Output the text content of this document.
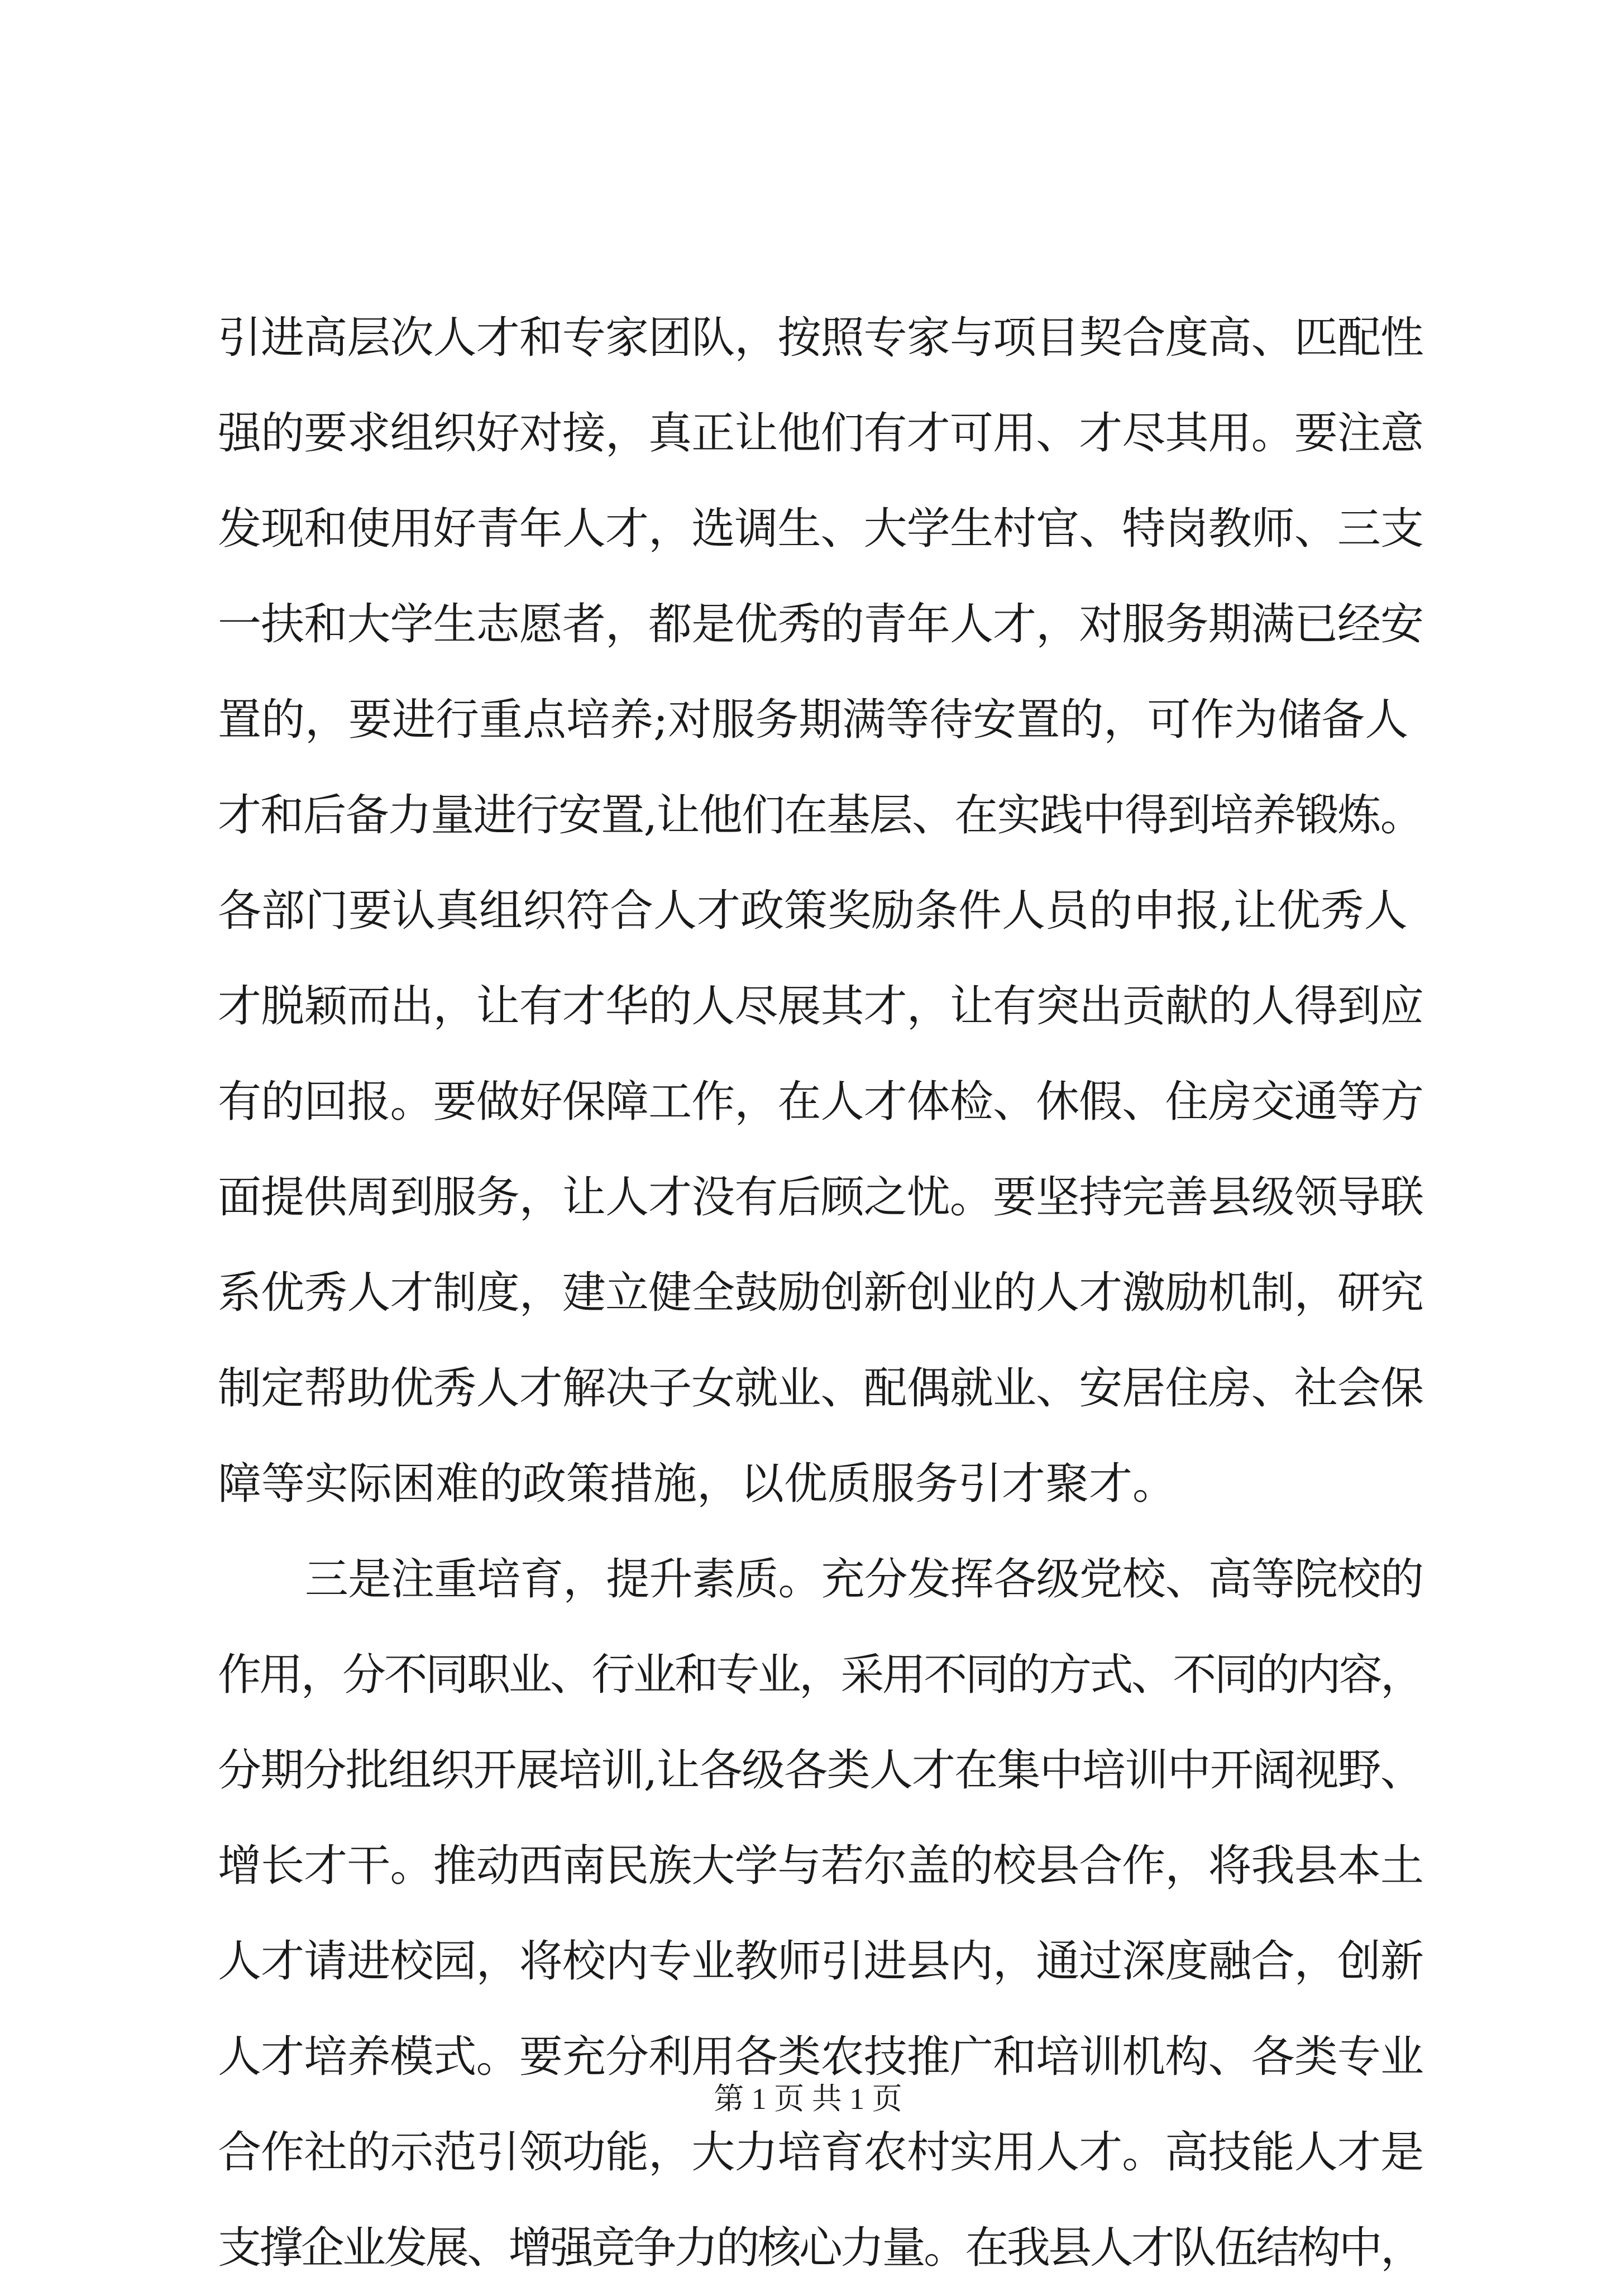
引进高层次人才和专家团队，按照专家与项目契合度高、匹配性
强的要求组织好对接，真正让他们有才可用、才尽其用。要注意
发现和使用好青年人才，选调生、大学生村官、特岗教师、三支
一扶和大学生志愿者，都是优秀的青年人才，对服务期满已经安
置的，要进行重点培养;对服务期满等待安置的，可作为储备人
才和后备力量进行安置,让他们在基层、在实践中得到培养锻炼。
各部门要认真组织符合人才政策奖励条件人员的申报,让优秀人
才脱颖而出，让有才华的人尽展其才，让有突出贡献的人得到应
有的回报。要做好保障工作，在人才体检、休假、住房交通等方
面提供周到服务，让人才没有后顾之忧。要坚持完善县级领导联
系优秀人才制度，建立健全鼓励创新创业的人才激励机制，研究
制定帮助优秀人才解决子女就业、配偶就业、安居住房、社会保
障等实际困难的政策措施，以优质服务引才聚才。
三是注重培育，提升素质。充分发挥各级党校、高等院校的
作用，分不同职业、行业和专业，采用不同的方式、不同的内容，
分期分批组织开展培训,让各级各类人才在集中培训中开阔视野、
增长才干。推动西南民族大学与若尔盖的校县合作，将我县本土
人才请进校园，将校内专业教师引进县内，通过深度融合，创新
人才培养模式。要充分利用各类农技推广和培训机构、各类专业
合作社的示范引领功能，大力培育农村实用人才。高技能人才是
支撑企业发展、增强竞争力的核心力量。在我县人才队伍结构中，
第 1 页 共 1 页
